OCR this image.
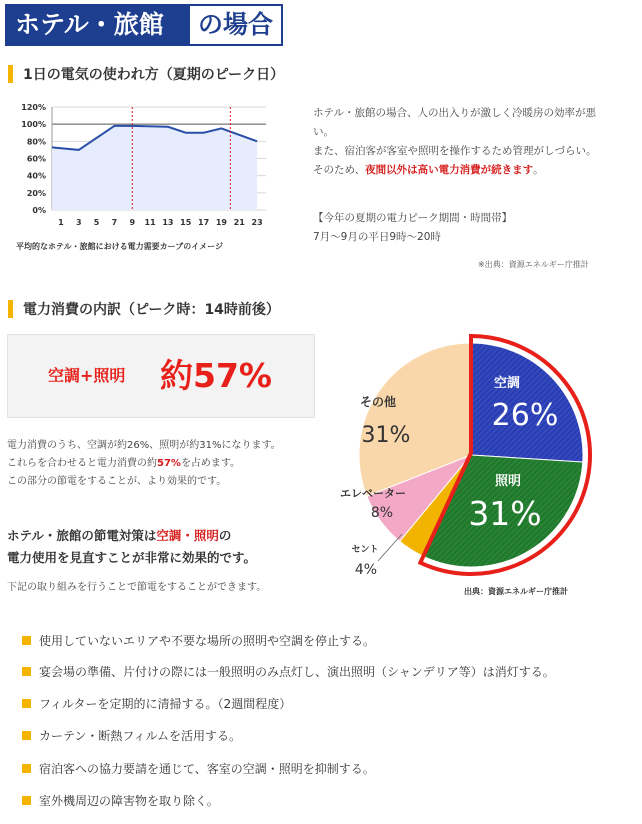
ホテル・旅館	の場合
1日の電気の使われ方（夏期のピーク日）
120%
100%
80%
60%
40%
20%
0%
1 3 5 7 9 11 13 15 17 19 21 23
平均的なホテル・旅館における電力需要カーブのイメージ
ホテル・旅館の場合、人の出入りが激しく冷暖房の効率が悪い。
また、宿泊客が客室や照明を操作するため管理がしづらい。
そのため、夜間以外は高い電力消費が続きます。
【今年の夏期の電力ピーク期間・時間帯】
7月〜9月の平日9時〜20時
※出典：資源エネルギー庁推計
電力消費の内訳（ピーク時：14時前後）
空調+照明 約57%
電力消費のうち、空調が約26%、照明が約31%になります。
これらを合わせると電力消費の約57%を占めます。
この部分の節電をすることが、より効果的です。
ホテル・旅館の節電対策は空調・照明の
電力使用を見直すことが非常に効果的です。
下記の取り組みを行うことで節電をすることができます。
空調
26%
照明
31%
その他
31%
エレベーター
8%
セント
4%
出典：資源エネルギー庁推計
使用していないエリアや不要な場所の照明や空調を停止する。
宴会場の準備、片付けの際には一般照明のみ点灯し、演出照明（シャンデリア等）は消灯する。
フィルターを定期的に清掃する。（2週間程度）
カーテン・断熱フィルムを活用する。
宿泊客への協力要請を通じて、客室の空調・照明を抑制する。
室外機周辺の障害物を取り除く。
